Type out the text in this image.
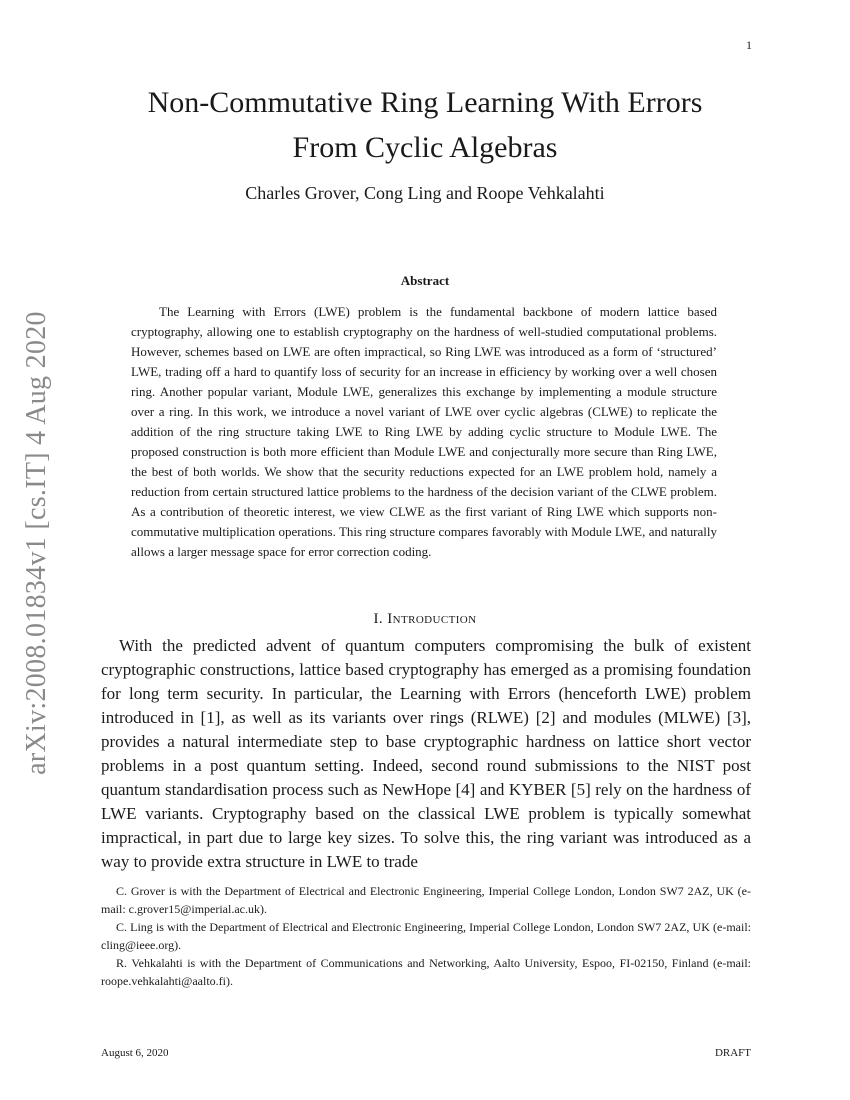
1
arXiv:2008.01834v1 [cs.IT] 4 Aug 2020
Non-Commutative Ring Learning With Errors
From Cyclic Algebras
Charles Grover, Cong Ling and Roope Vehkalahti
Abstract

The Learning with Errors (LWE) problem is the fundamental backbone of modern lattice based cryptography, allowing one to establish cryptography on the hardness of well-studied computational problems. However, schemes based on LWE are often impractical, so Ring LWE was introduced as a form of ‘structured’ LWE, trading off a hard to quantify loss of security for an increase in efficiency by working over a well chosen ring. Another popular variant, Module LWE, generalizes this exchange by implementing a module structure over a ring. In this work, we introduce a novel variant of LWE over cyclic algebras (CLWE) to replicate the addition of the ring structure taking LWE to Ring LWE by adding cyclic structure to Module LWE. The proposed construction is both more efficient than Module LWE and conjecturally more secure than Ring LWE, the best of both worlds. We show that the security reductions expected for an LWE problem hold, namely a reduction from certain structured lattice problems to the hardness of the decision variant of the CLWE problem. As a contribution of theoretic interest, we view CLWE as the first variant of Ring LWE which supports non-commutative multiplication operations. This ring structure compares favorably with Module LWE, and naturally allows a larger message space for error correction coding.

I. Introduction

With the predicted advent of quantum computers compromising the bulk of existent cryptographic constructions, lattice based cryptography has emerged as a promising foundation for long term security. In particular, the Learning with Errors (henceforth LWE) problem introduced in [1], as well as its variants over rings (RLWE) [2] and modules (MLWE) [3], provides a natural intermediate step to base cryptographic hardness on lattice short vector problems in a post quantum setting. Indeed, second round submissions to the NIST post quantum standardisation process such as NewHope [4] and KYBER [5] rely on the hardness of LWE variants. Cryptography based on the classical LWE problem is typically somewhat impractical, in part due to large key sizes. To solve this, the ring variant was introduced as a way to provide extra structure in LWE to trade

C. Grover is with the Department of Electrical and Electronic Engineering, Imperial College London, London SW7 2AZ, UK (e-mail: c.grover15@imperial.ac.uk).

C. Ling is with the Department of Electrical and Electronic Engineering, Imperial College London, London SW7 2AZ, UK (e-mail: cling@ieee.org).

R. Vehkalahti is with the Department of Communications and Networking, Aalto University, Espoo, FI-02150, Finland (e-mail: roope.vehkalahti@aalto.fi).

August 6, 2020	DRAFT
